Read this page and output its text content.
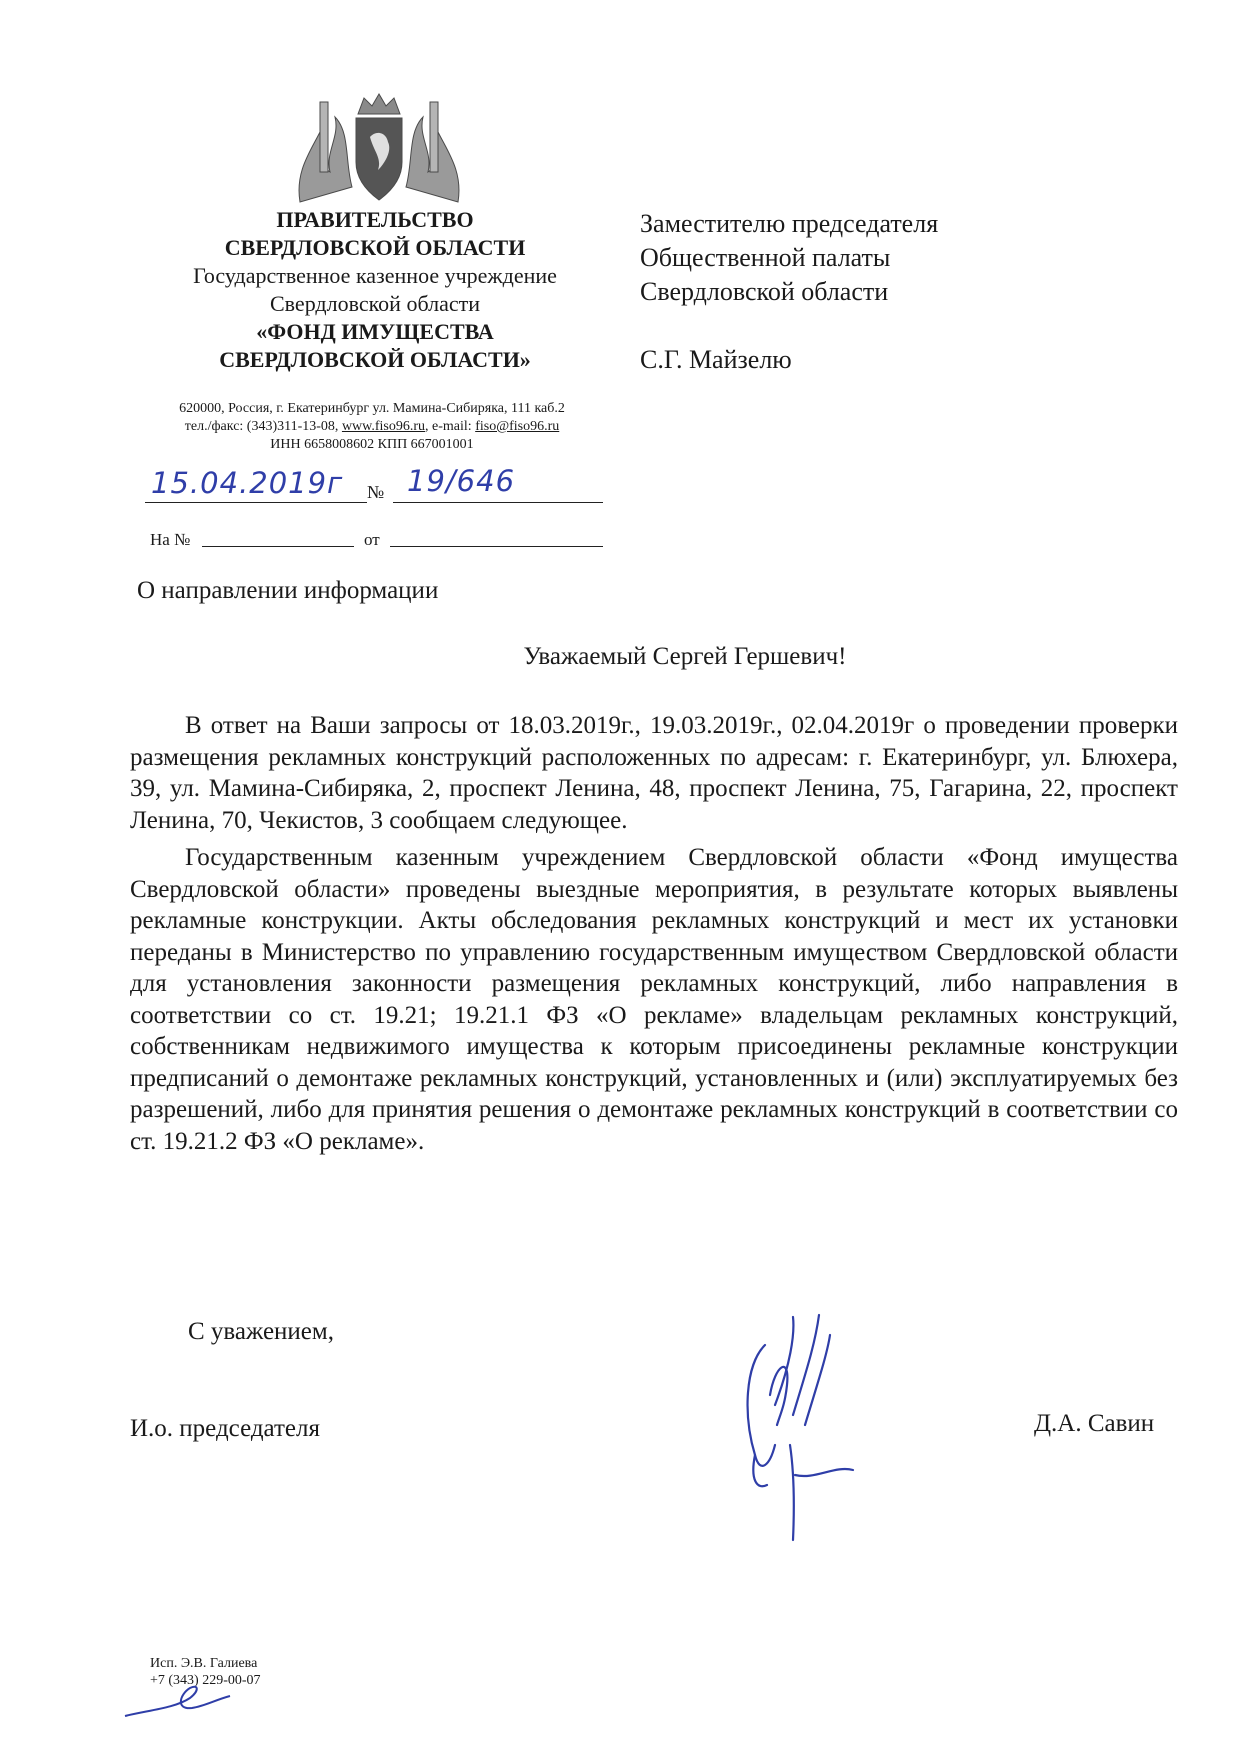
ПРАВИТЕЛЬСТВО
СВЕРДЛОВСКОЙ ОБЛАСТИ
Государственное казенное учреждение
Свердловской области
«ФОНД ИМУЩЕСТВА
СВЕРДЛОВСКОЙ ОБЛАСТИ»
620000, Россия, г. Екатеринбург ул. Мамина-Сибиряка, 111 каб.2
тел./факс: (343)311-13-08, www.fiso96.ru, e-mail: fiso@fiso96.ru
ИНН 6658008602 КПП 667001001
15.04.2019г № 19/646
На №	от
Заместителю председателя
Общественной палаты
Свердловской области
С.Г. Майзелю
О направлении информации
Уважаемый Сергей Гершевич!

В ответ на Ваши запросы от 18.03.2019г., 19.03.2019г., 02.04.2019г о проведении проверки размещения рекламных конструкций расположенных по адресам: г. Екатеринбург, ул. Блюхера, 39, ул. Мамина-Сибиряка, 2, проспект Ленина, 48, проспект Ленина, 75, Гагарина, 22, проспект Ленина, 70, Чекистов, 3 сообщаем следующее.

Государственным казенным учреждением Свердловской области «Фонд имущества Свердловской области» проведены выездные мероприятия, в результате которых выявлены рекламные конструкции. Акты обследования рекламных конструкций и мест их установки переданы в Министерство по управлению государственным имуществом Свердловской области для установления законности размещения рекламных конструкций, либо направления в соответствии со ст. 19.21; 19.21.1 ФЗ «О рекламе» владельцам рекламных конструкций, собственникам недвижимого имущества к которым присоединены рекламные конструкции предписаний о демонтаже рекламных конструкций, установленных и (или) эксплуатируемых без разрешений, либо для принятия решения о демонтаже рекламных конструкций в соответствии со ст. 19.21.2 ФЗ «О рекламе».

С уважением,
И.о. председателя	Д.А. Савин
Исп. Э.В. Галиева
+7 (343) 229-00-07
